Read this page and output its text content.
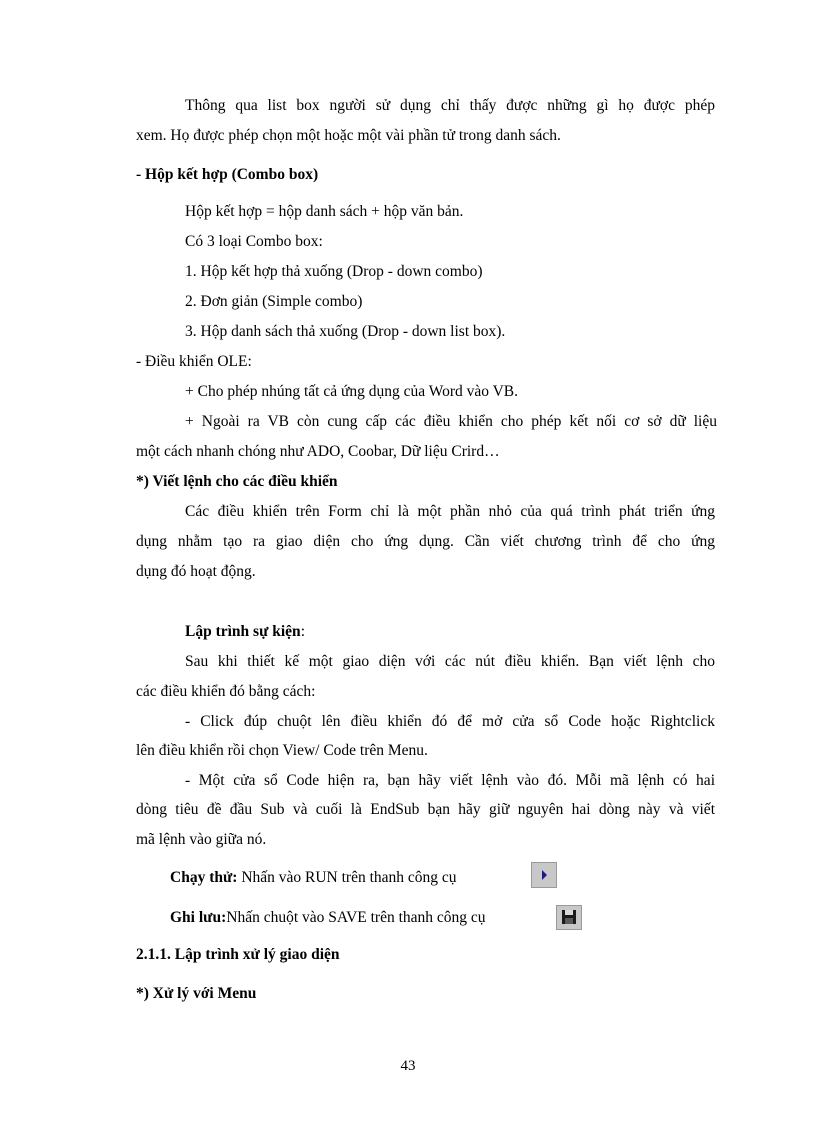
Thông qua list box người sử dụng chỉ thấy được những gì họ được phép
xem. Họ được phép chọn một hoặc một vài phần tử trong danh sách.
- Hộp kết hợp (Combo box)
Hộp kết hợp = hộp danh sách + hộp văn bản.
Có 3 loại Combo box:
1. Hộp kết hợp thả xuống (Drop - down combo)
2. Đơn giản (Simple combo)
3. Hộp danh sách thả xuống (Drop - down list box).
- Điều khiển OLE:
+ Cho phép nhúng tất cả ứng dụng của Word vào VB.
+ Ngoài ra VB còn cung cấp các điều khiển cho phép kết nối cơ sở dữ liệu
một cách nhanh chóng như ADO, Coobar, Dữ liệu Crird…
*) Viết lệnh cho các điều khiển
Các điều khiển trên Form chỉ là một phần nhỏ của quá trình phát triển ứng
dụng nhằm tạo ra giao diện cho ứng dụng. Cần viết chương trình để cho ứng
dụng đó hoạt động.
Lập trình sự kiện:
Sau khi thiết kế một giao diện với các nút điều khiển. Bạn viết lệnh cho
các điều khiển đó bằng cách:
- Click đúp chuột lên điều khiển đó để mở cửa sổ Code hoặc Rightclick
lên điều khiển rồi chọn View/ Code trên Menu.
- Một cửa sổ Code hiện ra, bạn hãy viết lệnh vào đó. Mỗi mã lệnh có hai
dòng tiêu đề đầu Sub và cuối là EndSub bạn hãy giữ nguyên hai dòng này và viết
mã lệnh vào giữa nó.
Chạy thử: Nhấn vào RUN trên thanh công cụ
Ghi lưu:Nhấn chuột vào SAVE trên thanh công cụ
2.1.1. Lập trình xử lý giao diện
*) Xử lý với Menu
43
